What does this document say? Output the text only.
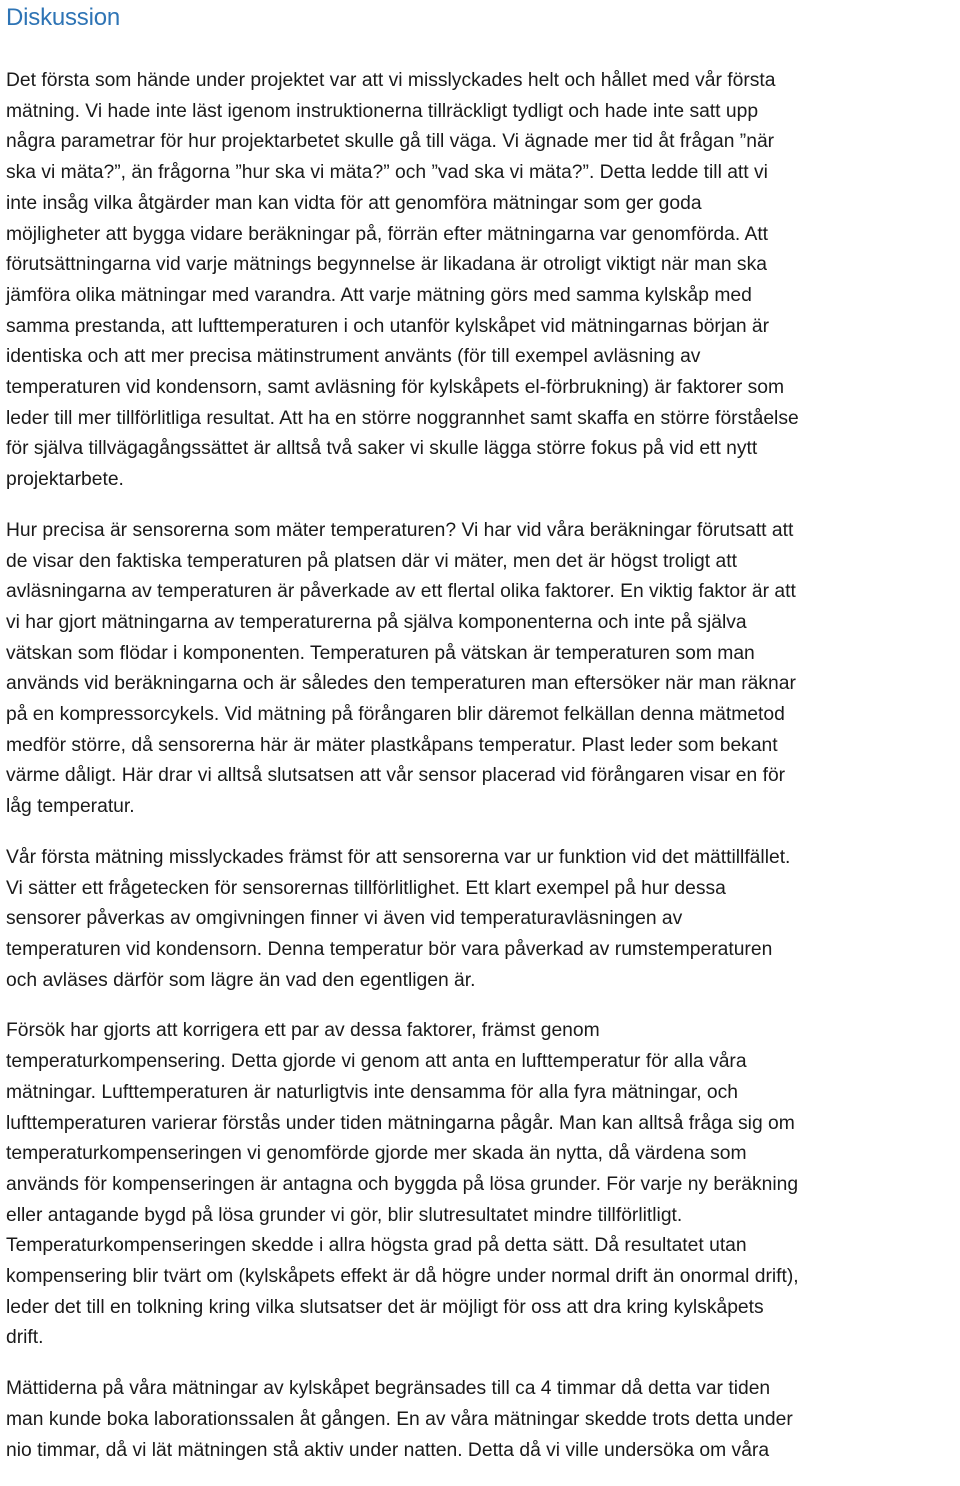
Diskussion

Det första som hände under projektet var att vi misslyckades helt och hållet med vår första
mätning. Vi hade inte läst igenom instruktionerna tillräckligt tydligt och hade inte satt upp
några parametrar för hur projektarbetet skulle gå till väga. Vi ägnade mer tid åt frågan ”när
ska vi mäta?”, än frågorna ”hur ska vi mäta?” och ”vad ska vi mäta?”. Detta ledde till att vi
inte insåg vilka åtgärder man kan vidta för att genomföra mätningar som ger goda
möjligheter att bygga vidare beräkningar på, förrän efter mätningarna var genomförda. Att
förutsättningarna vid varje mätnings begynnelse är likadana är otroligt viktigt när man ska
jämföra olika mätningar med varandra. Att varje mätning görs med samma kylskåp med
samma prestanda, att lufttemperaturen i och utanför kylskåpet vid mätningarnas början är
identiska och att mer precisa mätinstrument använts (för till exempel avläsning av
temperaturen vid kondensorn, samt avläsning för kylskåpets el-förbrukning) är faktorer som
leder till mer tillförlitliga resultat. Att ha en större noggrannhet samt skaffa en större förståelse
för själva tillvägagångssättet är alltså två saker vi skulle lägga större fokus på vid ett nytt
projektarbete.

Hur precisa är sensorerna som mäter temperaturen? Vi har vid våra beräkningar förutsatt att
de visar den faktiska temperaturen på platsen där vi mäter, men det är högst troligt att
avläsningarna av temperaturen är påverkade av ett flertal olika faktorer. En viktig faktor är att
vi har gjort mätningarna av temperaturerna på själva komponenterna och inte på själva
vätskan som flödar i komponenten. Temperaturen på vätskan är temperaturen som man
används vid beräkningarna och är således den temperaturen man eftersöker när man räknar
på en kompressorcykels. Vid mätning på förångaren blir däremot felkällan denna mätmetod
medför större, då sensorerna här är mäter plastkåpans temperatur. Plast leder som bekant
värme dåligt. Här drar vi alltså slutsatsen att vår sensor placerad vid förångaren visar en för
låg temperatur.

Vår första mätning misslyckades främst för att sensorerna var ur funktion vid det mättillfället.
Vi sätter ett frågetecken för sensorernas tillförlitlighet. Ett klart exempel på hur dessa
sensorer påverkas av omgivningen finner vi även vid temperaturavläsningen av
temperaturen vid kondensorn. Denna temperatur bör vara påverkad av rumstemperaturen
och avläses därför som lägre än vad den egentligen är.

Försök har gjorts att korrigera ett par av dessa faktorer, främst genom
temperaturkompensering. Detta gjorde vi genom att anta en lufttemperatur för alla våra
mätningar. Lufttemperaturen är naturligtvis inte densamma för alla fyra mätningar, och
lufttemperaturen varierar förstås under tiden mätningarna pågår. Man kan alltså fråga sig om
temperaturkompenseringen vi genomförde gjorde mer skada än nytta, då värdena som
används för kompenseringen är antagna och byggda på lösa grunder. För varje ny beräkning
eller antagande bygd på lösa grunder vi gör, blir slutresultatet mindre tillförlitligt.
Temperaturkompenseringen skedde i allra högsta grad på detta sätt. Då resultatet utan
kompensering blir tvärt om (kylskåpets effekt är då högre under normal drift än onormal drift),
leder det till en tolkning kring vilka slutsatser det är möjligt för oss att dra kring kylskåpets
drift.

Mättiderna på våra mätningar av kylskåpet begränsades till ca 4 timmar då detta var tiden
man kunde boka laborationssalen åt gången. En av våra mätningar skedde trots detta under
nio timmar, då vi lät mätningen stå aktiv under natten. Detta då vi ville undersöka om våra
